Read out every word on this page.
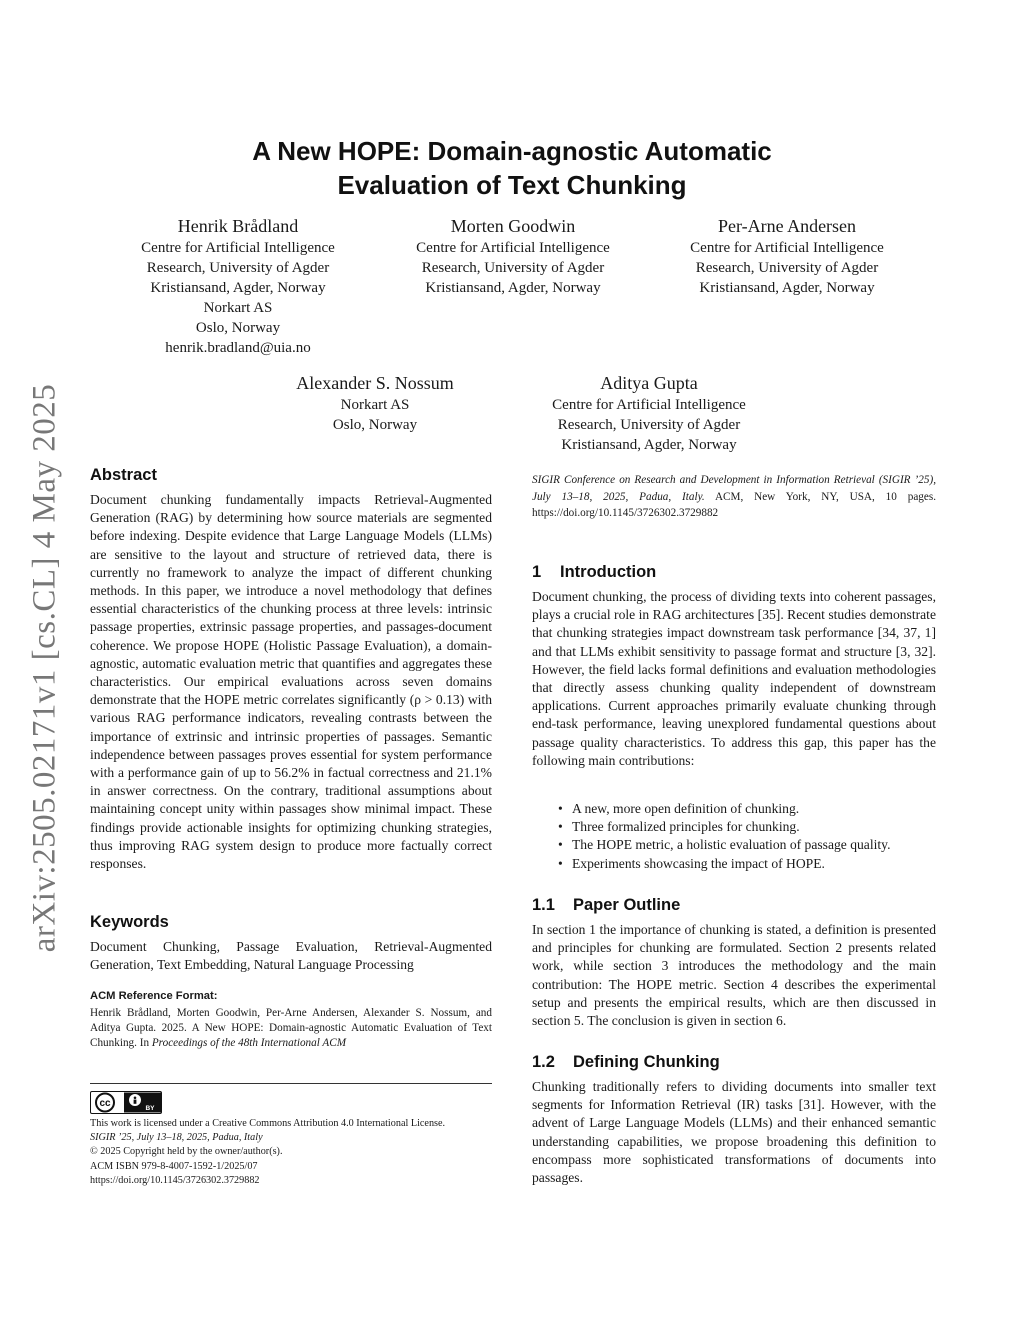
arXiv:2505.02171v1 [cs.CL] 4 May 2025
A New HOPE: Domain-agnostic Automatic
Evaluation of Text Chunking
Henrik Brådland
Centre for Artificial Intelligence
Research, University of Agder
Kristiansand, Agder, Norway
Norkart AS
Oslo, Norway
henrik.bradland@uia.no
Morten Goodwin
Centre for Artificial Intelligence
Research, University of Agder
Kristiansand, Agder, Norway
Per-Arne Andersen
Centre for Artificial Intelligence
Research, University of Agder
Kristiansand, Agder, Norway
Alexander S. Nossum
Norkart AS
Oslo, Norway
Aditya Gupta
Centre for Artificial Intelligence
Research, University of Agder
Kristiansand, Agder, Norway
Abstract
Document chunking fundamentally impacts Retrieval-Augmented Generation (RAG) by determining how source materials are segmented before indexing. Despite evidence that Large Language Models (LLMs) are sensitive to the layout and structure of retrieved data, there is currently no framework to analyze the impact of different chunking methods. In this paper, we introduce a novel methodology that defines essential characteristics of the chunking process at three levels: intrinsic passage properties, extrinsic passage properties, and passages-document coherence. We propose HOPE (Holistic Passage Evaluation), a domain-agnostic, automatic evaluation metric that quantifies and aggregates these characteristics. Our empirical evaluations across seven domains demonstrate that the HOPE metric correlates significantly (ρ > 0.13) with various RAG performance indicators, revealing contrasts between the importance of extrinsic and intrinsic properties of passages. Semantic independence between passages proves essential for system performance with a performance gain of up to 56.2% in factual correctness and 21.1% in answer correctness. On the contrary, traditional assumptions about maintaining concept unity within passages show minimal impact. These findings provide actionable insights for optimizing chunking strategies, thus improving RAG system design to produce more factually correct responses.
Keywords
Document Chunking, Passage Evaluation, Retrieval-Augmented Generation, Text Embedding, Natural Language Processing
ACM Reference Format:
Henrik Brådland, Morten Goodwin, Per-Arne Andersen, Alexander S. Nossum, and Aditya Gupta. 2025. A New HOPE: Domain-agnostic Automatic Evaluation of Text Chunking. In Proceedings of the 48th International ACM
cc	BY
This work is licensed under a Creative Commons Attribution 4.0 International License.
SIGIR ’25, July 13–18, 2025, Padua, Italy
© 2025 Copyright held by the owner/author(s).
ACM ISBN 979-8-4007-1592-1/2025/07
https://doi.org/10.1145/3726302.3729882
SIGIR Conference on Research and Development in Information Retrieval (SIGIR ’25), July 13–18, 2025, Padua, Italy. ACM, New York, NY, USA, 10 pages. https://doi.org/10.1145/3726302.3729882
1 Introduction
Document chunking, the process of dividing texts into coherent passages, plays a crucial role in RAG architectures [35]. Recent studies demonstrate that chunking strategies impact downstream task performance [34, 37, 1] and that LLMs exhibit sensitivity to passage format and structure [3, 32]. However, the field lacks formal definitions and evaluation methodologies that directly assess chunking quality independent of downstream applications. Current approaches primarily evaluate chunking through end-task performance, leaving unexplored fundamental questions about passage quality characteristics. To address this gap, this paper has the following main contributions:
• A new, more open definition of chunking.
• Three formalized principles for chunking.
• The HOPE metric, a holistic evaluation of passage quality.
• Experiments showcasing the impact of HOPE.
1.1 Paper Outline
In section 1 the importance of chunking is stated, a definition is presented and principles for chunking are formulated. Section 2 presents related work, while section 3 introduces the methodology and the main contribution: The HOPE metric. Section 4 describes the experimental setup and presents the empirical results, which are then discussed in section 5. The conclusion is given in section 6.
1.2 Defining Chunking
Chunking traditionally refers to dividing documents into smaller text segments for Information Retrieval (IR) tasks [31]. However, with the advent of Large Language Models (LLMs) and their enhanced semantic understanding capabilities, we propose broadening this definition to encompass more sophisticated transformations of documents into passages.
